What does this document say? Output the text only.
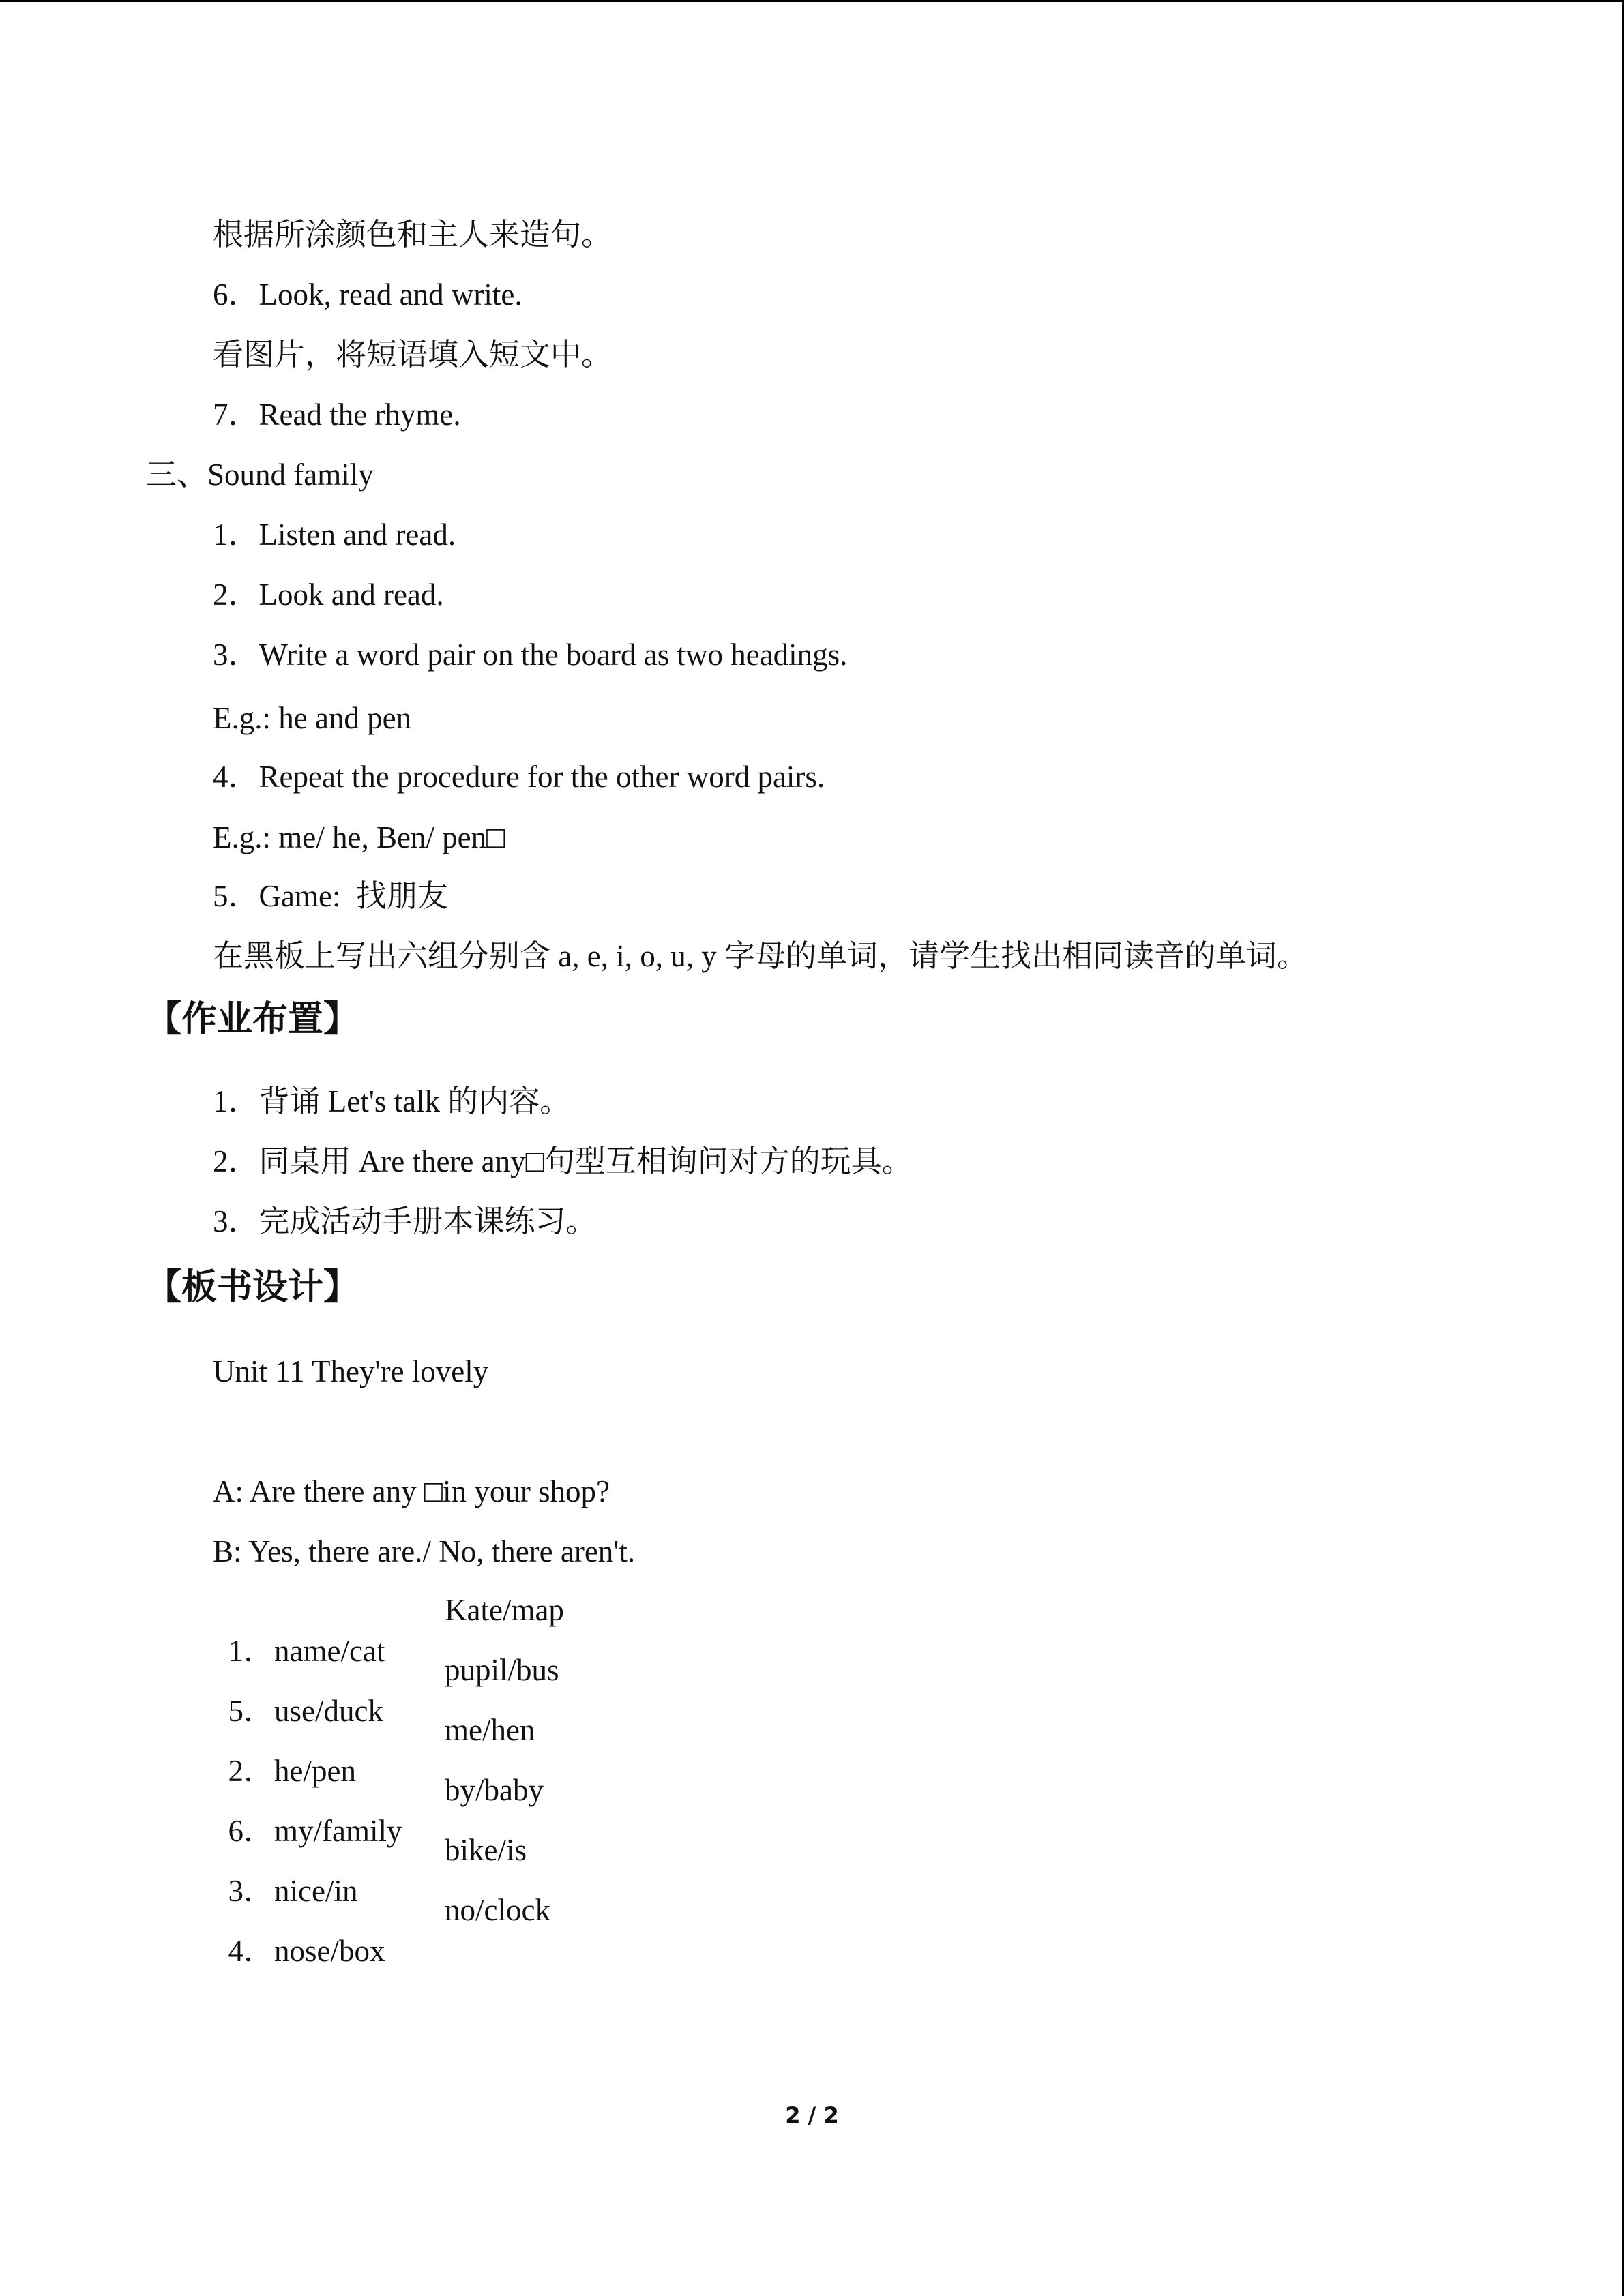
根据所涂颜色和主人来造句。
6．Look, read and write.
看图片，将短语填入短文中。
7．Read the rhyme.
三、Sound family
1．Listen and read.
2．Look and read.
3．Write a word pair on the board as two headings.
E.g.: he and pen
4．Repeat the procedure for the other word pairs.
E.g.: me/ he, Ben/ pen□
5．Game:  找朋友
在黑板上写出六组分别含 a, e, i, o, u, y 字母的单词，请学生找出相同读音的单词。
【作业布置】
1．背诵 Let's talk 的内容。
2．同桌用 Are there any□句型互相询问对方的玩具。
3．完成活动手册本课练习。
【板书设计】
Unit 11 They're lovely
A: Are there any □in your shop?
B: Yes, there are./ No, there aren't.

1．name/cat

Kate/map

5．use/duck

pupil/bus

2．he/pen

me/hen

6．my/family

by/baby

3．nice/in

bike/is

4．nose/box

no/clock

2 / 2
